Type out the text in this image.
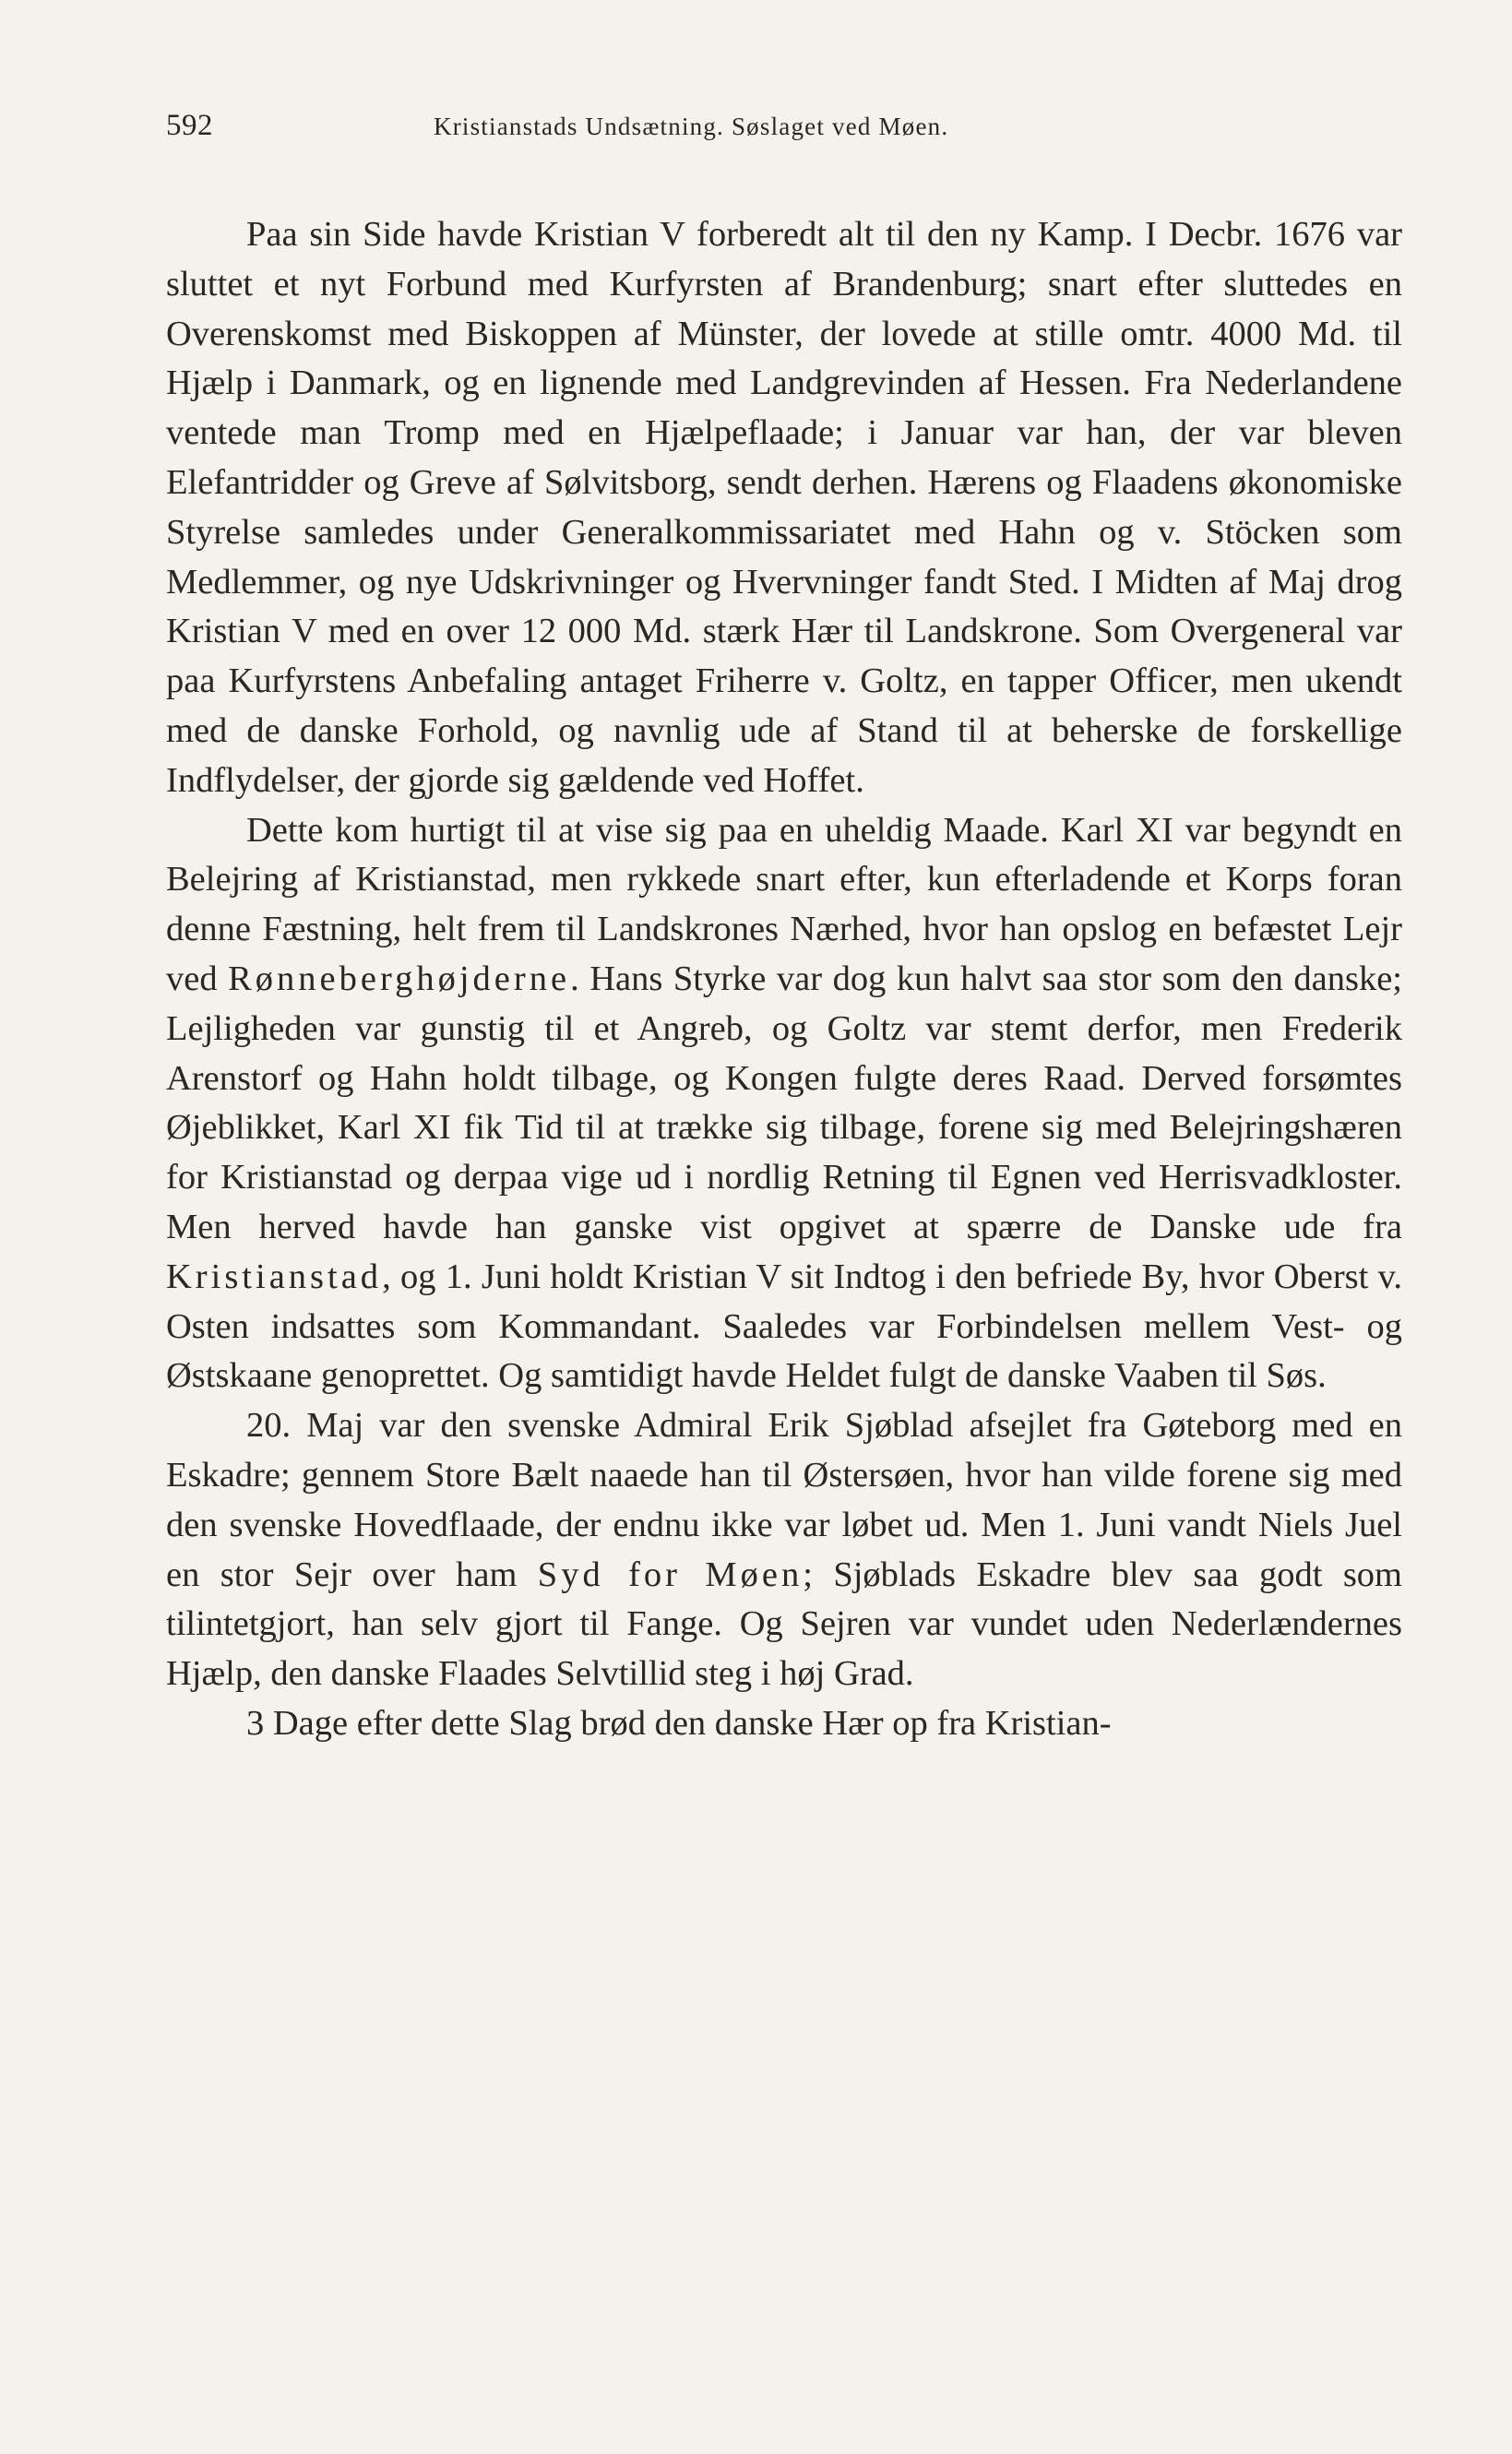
592	Kristianstads Undsætning. Søslaget ved Møen.

Paa sin Side havde Kristian V forberedt alt til den ny Kamp. I Decbr. 1676 var sluttet et nyt Forbund med Kurfyrsten af Brandenburg; snart efter sluttedes en Overenskomst med Biskoppen af Münster, der lovede at stille omtr. 4000 Md. til Hjælp i Danmark, og en lignende med Landgrevinden af Hessen. Fra Nederlandene ventede man Tromp med en Hjælpeflaade; i Januar var han, der var bleven Elefantridder og Greve af Sølvitsborg, sendt derhen. Hærens og Flaadens økonomiske Styrelse samledes under Generalkommissariatet med Hahn og v. Stöcken som Medlemmer, og nye Udskrivninger og Hvervninger fandt Sted. I Midten af Maj drog Kristian V med en over 12 000 Md. stærk Hær til Landskrone. Som Overgeneral var paa Kurfyrstens Anbefaling antaget Friherre v. Goltz, en tapper Officer, men ukendt med de danske Forhold, og navnlig ude af Stand til at beherske de forskellige Indflydelser, der gjorde sig gældende ved Hoffet.

Dette kom hurtigt til at vise sig paa en uheldig Maade. Karl XI var begyndt en Belejring af Kristianstad, men rykkede snart efter, kun efterladende et Korps foran denne Fæstning, helt frem til Landskrones Nærhed, hvor han opslog en befæstet Lejr ved Rønneberghøjderne. Hans Styrke var dog kun halvt saa stor som den danske; Lejligheden var gunstig til et Angreb, og Goltz var stemt derfor, men Frederik Arenstorf og Hahn holdt tilbage, og Kongen fulgte deres Raad. Derved forsømtes Øjeblikket, Karl XI fik Tid til at trække sig tilbage, forene sig med Belejringshæren for Kristianstad og derpaa vige ud i nordlig Retning til Egnen ved Herrisvadkloster. Men herved havde han ganske vist opgivet at spærre de Danske ude fra Kristianstad, og 1. Juni holdt Kristian V sit Indtog i den befriede By, hvor Oberst v. Osten indsattes som Kommandant. Saaledes var Forbindelsen mellem Vest- og Østskaane genoprettet. Og samtidigt havde Heldet fulgt de danske Vaaben til Søs.

20. Maj var den svenske Admiral Erik Sjøblad afsejlet fra Gøteborg med en Eskadre; gennem Store Bælt naaede han til Østersøen, hvor han vilde forene sig med den svenske Hovedflaade, der endnu ikke var løbet ud. Men 1. Juni vandt Niels Juel en stor Sejr over ham Syd for Møen; Sjøblads Eskadre blev saa godt som tilintetgjort, han selv gjort til Fange. Og Sejren var vundet uden Nederlændernes Hjælp, den danske Flaades Selvtillid steg i høj Grad.

3 Dage efter dette Slag brød den danske Hær op fra Kristian-
